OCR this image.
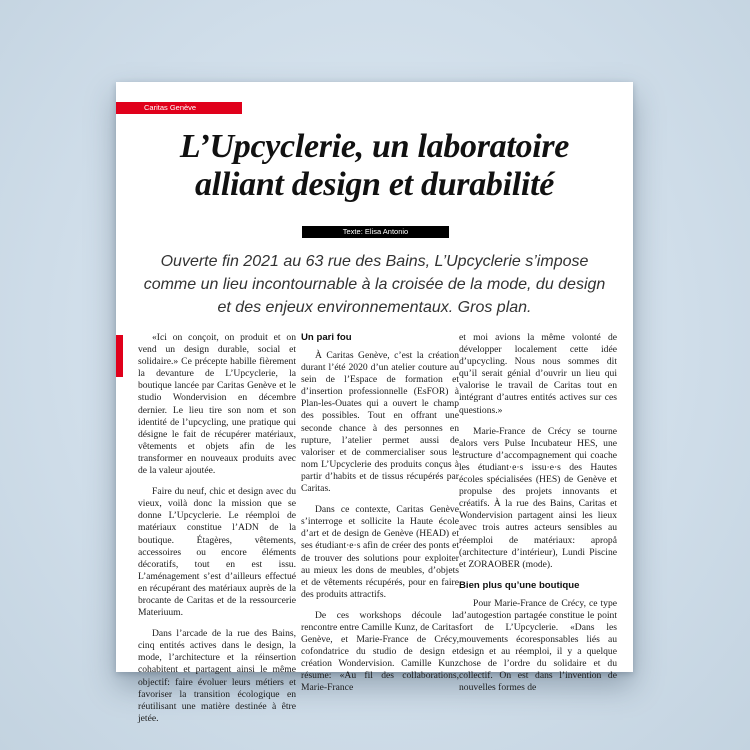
Caritas Genève
L’Upcyclerie, un laboratoire
alliant design et durabilité
Texte: Elisa Antonio

Ouverte fin 2021 au 63 rue des Bains, L’Upcyclerie s’impose comme un lieu incontournable à la croisée de la mode, du design et des enjeux environnementaux. Gros plan.

«Ici on conçoit, on produit et on vend un design durable, social et solidaire.» Ce précepte habille fièrement la devanture de L’Upcyclerie, la boutique lancée par Caritas Genève et le studio Wondervision en décembre dernier. Le lieu tire son nom et son identité de l’upcycling, une pratique qui désigne le fait de récupérer matériaux, vêtements et objets afin de les transformer en nouveaux produits avec de la valeur ajoutée.

Faire du neuf, chic et design avec du vieux, voilà donc la mission que se donne L’Upcyclerie. Le réemploi de matériaux constitue l’ADN de la boutique. Étagères, vêtements, accessoires ou encore éléments décoratifs, tout en est issu. L’aménagement s’est d’ailleurs effectué en récupérant des matériaux auprès de la brocante de Caritas et de la ressourcerie Materiuum.

Dans l’arcade de la rue des Bains, cinq entités actives dans le design, la mode, l’architecture et la réinsertion cohabitent et partagent ainsi le même objectif: faire évoluer leurs métiers et favoriser la transition écologique en réutilisant une matière destinée à être jetée.

Un pari fou

À Caritas Genève, c’est la création durant l’été 2020 d’un atelier couture au sein de l’Espace de formation et d’insertion professionnelle (EsFOR) à Plan-les-Ouates qui a ouvert le champ des possibles. Tout en offrant une seconde chance à des personnes en rupture, l’atelier permet aussi de valoriser et de commercialiser sous le nom L’Upcyclerie des produits conçus à partir d’habits et de tissus récupérés par Caritas.

Dans ce contexte, Caritas Genève s’interroge et sollicite la Haute école d’art et de design de Genève (HEAD) et ses étudiant·e·s afin de créer des ponts et de trouver des solutions pour exploiter au mieux les dons de meubles, d’objets et de vêtements récupérés, pour en faire des produits attractifs.

De ces workshops découle la rencontre entre Camille Kunz, de Caritas Genève, et Marie-France de Crécy, cofondatrice du studio de design et création Wondervision. Camille Kunz résume: «Au fil des collaborations, Marie-France

et moi avions la même volonté de développer localement cette idée d’upcycling. Nous nous sommes dit qu’il serait génial d’ouvrir un lieu qui valorise le travail de Caritas tout en intégrant d’autres entités actives sur ces questions.»

Marie-France de Crécy se tourne alors vers Pulse Incubateur HES, une structure d’accompagnement qui coache les étudiant·e·s issu·e·s des Hautes écoles spécialisées (HES) de Genève et propulse des projets innovants et créatifs. À la rue des Bains, Caritas et Wondervision partagent ainsi les lieux avec trois autres acteurs sensibles au réemploi de matériaux: apropå (architecture d’intérieur), Lundi Piscine et ZORAOBER (mode).

Bien plus qu’une boutique

Pour Marie-France de Crécy, ce type d’autogestion partagée constitue le point fort de L’Upcyclerie. «Dans les mouvements écoresponsables liés au design et au réemploi, il y a quelque chose de l’ordre du solidaire et du collectif. On est dans l’invention de nouvelles formes de
